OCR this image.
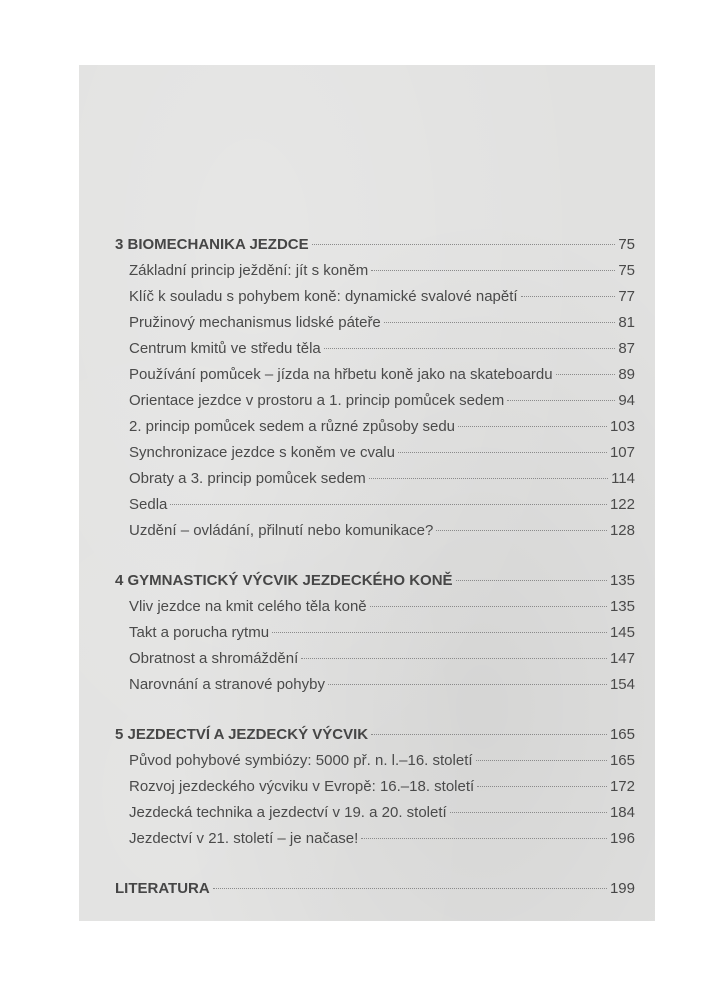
3 BIOMECHANIKA JEZDCE	75
Základní princip ježdění: jít s koněm	75
Klíč k souladu s pohybem koně: dynamické svalové napětí	77
Pružinový mechanismus lidské páteře	81
Centrum kmitů ve středu těla	87
Používání pomůcek – jízda na hřbetu koně jako na skateboardu	89
Orientace jezdce v prostoru a 1. princip pomůcek sedem	94
2. princip pomůcek sedem a různé způsoby sedu	103
Synchronizace jezdce s koněm ve cvalu	107
Obraty a 3. princip pomůcek sedem	114
Sedla	122
Uzdění – ovládání, přilnutí nebo komunikace?	128
4 GYMNASTICKÝ VÝCVIK JEZDECKÉHO KONĚ	135
Vliv jezdce na kmit celého těla koně	135
Takt a porucha rytmu	145
Obratnost a shromáždění	147
Narovnání a stranové pohyby	154
5 JEZDECTVÍ A JEZDECKÝ VÝCVIK	165
Původ pohybové symbiózy: 5000 př. n. l.–16. století	165
Rozvoj jezdeckého výcviku v Evropě: 16.–18. století	172
Jezdecká technika a jezdectví v 19. a 20. století	184
Jezdectví v 21. století – je načase!	196
LITERATURA	199
